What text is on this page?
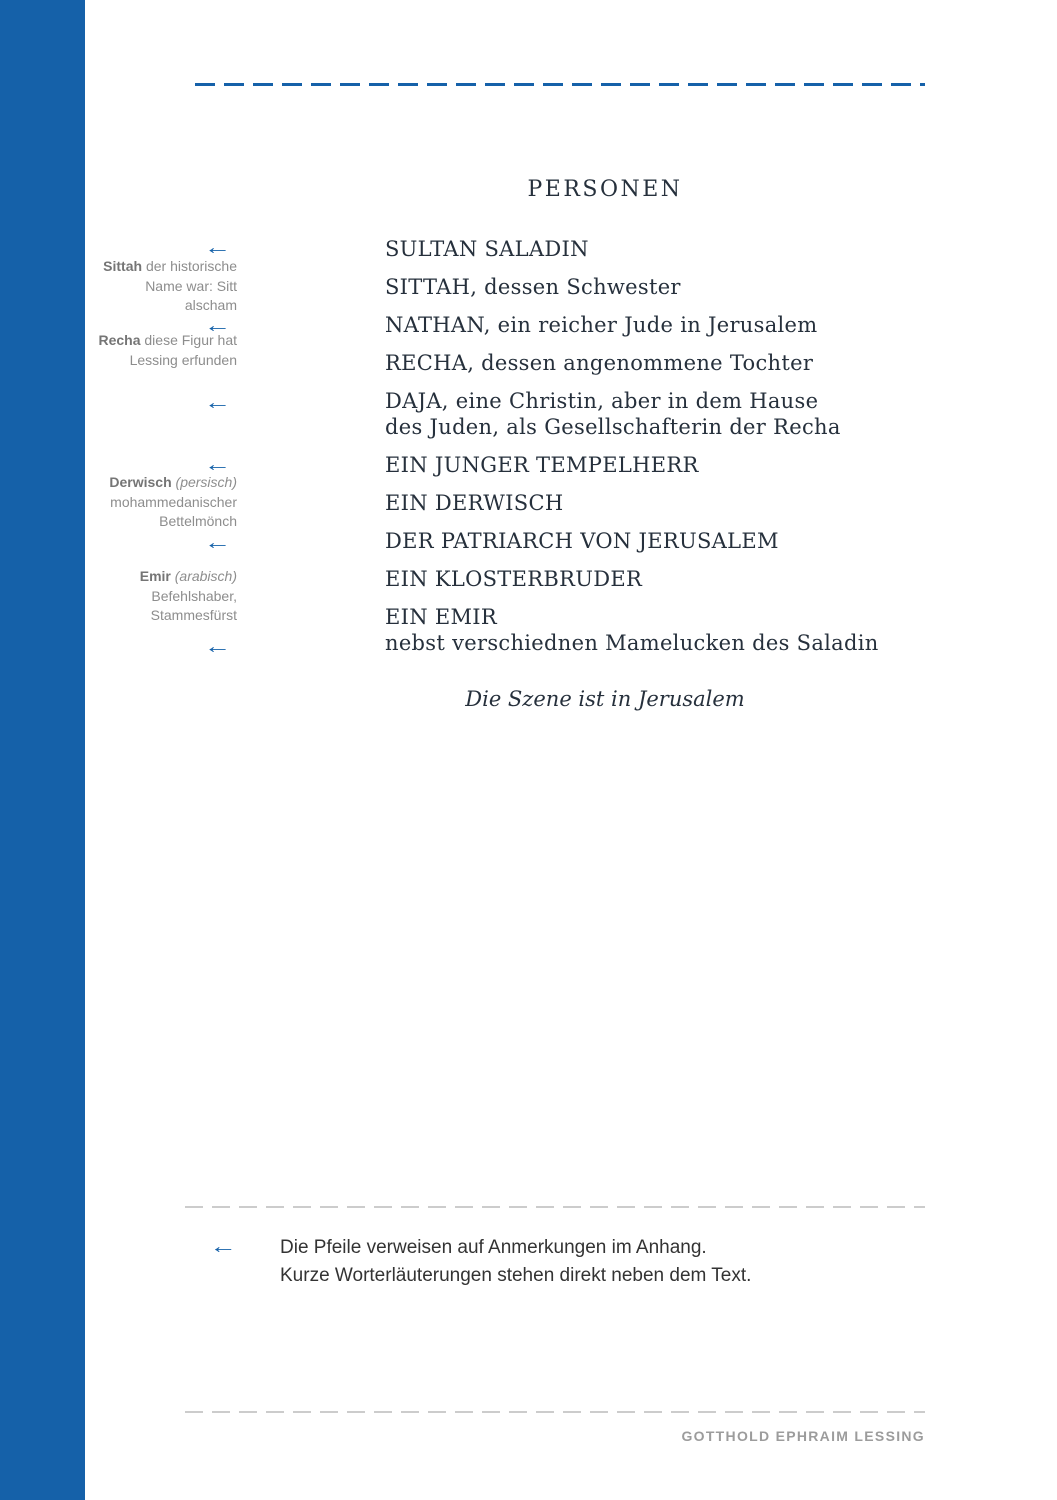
PERSONEN
←
Sittah der historische Name war: Sitt alscham
←
Recha diese Figur hat Lessing erfunden
←
←
Derwisch (persisch) mohammedanischer Bettelmönch
←
Emir (arabisch) Befehlshaber, Stammesfürst
←
SULTAN SALADIN
SITTAH, dessen Schwester
NATHAN, ein reicher Jude in Jerusalem
RECHA, dessen angenommene Tochter
DAJA, eine Christin, aber in dem Hause
des Juden, als Gesellschafterin der Recha
EIN JUNGER TEMPELHERR
EIN DERWISCH
DER PATRIARCH VON JERUSALEM
EIN KLOSTERBRUDER
EIN EMIR
nebst verschiednen Mamelucken des Saladin
Die Szene ist in Jerusalem
←	Die Pfeile verweisen auf Anmerkungen im Anhang.
Kurze Worterläuterungen stehen direkt neben dem Text.
GOTTHOLD EPHRAIM LESSING
